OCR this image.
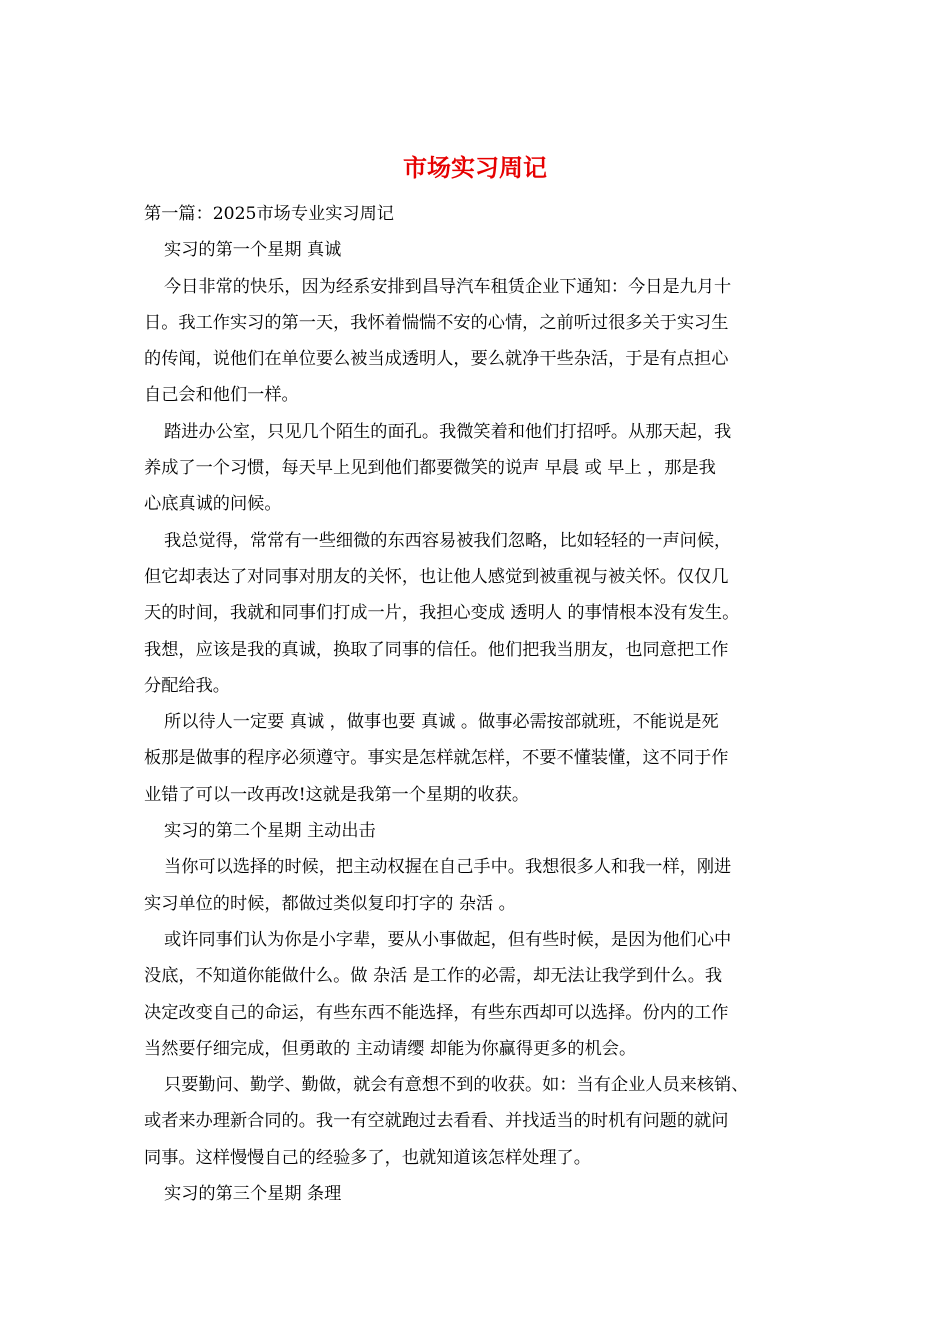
市场实习周记
第一篇：2025市场专业实习周记
实习的第一个星期 真诚
今日非常的快乐，因为经系安排到昌导汽车租赁企业下通知：今日是九月十
日。我工作实习的第一天，我怀着惴惴不安的心情，之前听过很多关于实习生
的传闻，说他们在单位要么被当成透明人，要么就净干些杂活，于是有点担心
自己会和他们一样。
踏进办公室，只见几个陌生的面孔。我微笑着和他们打招呼。从那天起，我
养成了一个习惯，每天早上见到他们都要微笑的说声 早晨 或 早上 ，那是我
心底真诚的问候。
我总觉得，常常有一些细微的东西容易被我们忽略，比如轻轻的一声问候，
但它却表达了对同事对朋友的关怀，也让他人感觉到被重视与被关怀。仅仅几
天的时间，我就和同事们打成一片，我担心变成 透明人 的事情根本没有发生。
我想，应该是我的真诚，换取了同事的信任。他们把我当朋友，也同意把工作
分配给我。
所以待人一定要 真诚 ，做事也要 真诚 。做事必需按部就班，不能说是死
板那是做事的程序必须遵守。事实是怎样就怎样，不要不懂装懂，这不同于作
业错了可以一改再改!这就是我第一个星期的收获。
实习的第二个星期 主动出击
当你可以选择的时候，把主动权握在自己手中。我想很多人和我一样，刚进
实习单位的时候，都做过类似复印打字的 杂活 。
或许同事们认为你是小字辈，要从小事做起，但有些时候，是因为他们心中
没底，不知道你能做什么。做 杂活 是工作的必需，却无法让我学到什么。我
决定改变自己的命运，有些东西不能选择，有些东西却可以选择。份内的工作
当然要仔细完成，但勇敢的 主动请缨 却能为你赢得更多的机会。
只要勤问、勤学、勤做，就会有意想不到的收获。如：当有企业人员来核销、
或者来办理新合同的。我一有空就跑过去看看、并找适当的时机有问题的就问
同事。这样慢慢自己的经验多了，也就知道该怎样处理了。
实习的第三个星期 条理
